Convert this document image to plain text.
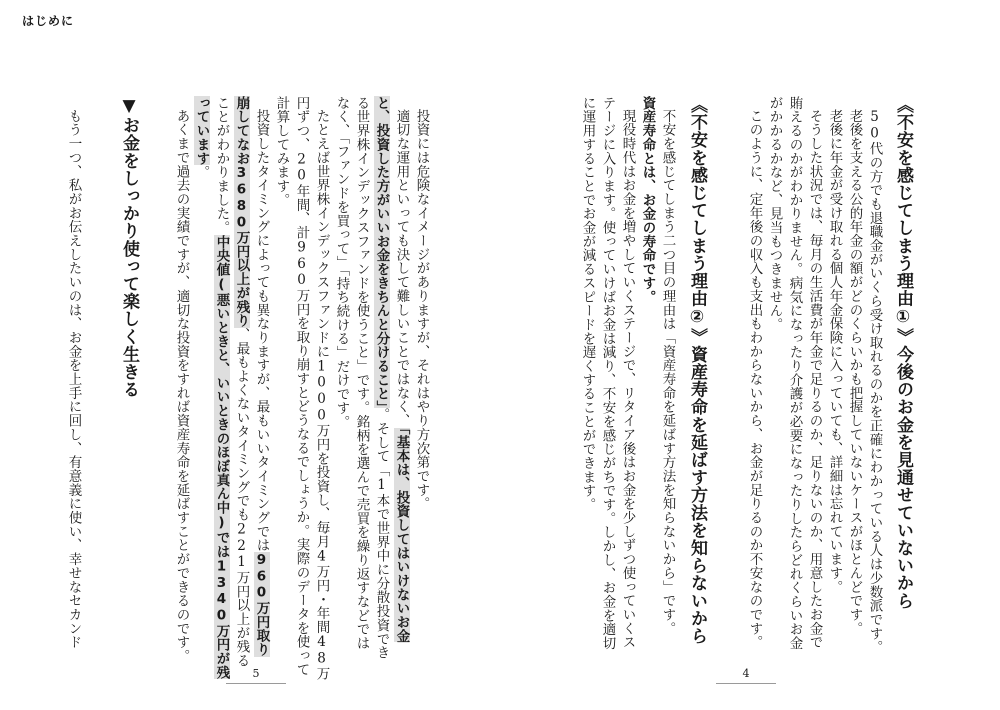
はじめに
《不安を感じてしまう理由①》今後のお金を見通せていないから
50代の方でも退職金がいくら受け取れるのかを正確にわかっている人は少数派です。
老後を支える公的年金の額がどのくらいかも把握していないケースがほとんどです。
老後に年金が受け取れる個人年金保険に入っていても、詳細は忘れています。
そうした状況では、毎月の生活費が年金で足りるのか、足りないのか、用意したお金で
賄えるのかがわかりません。病気になったり介護が必要になったりしたらどれくらいお金
がかかるかなど、見当もつきません。
このように、定年後の収入も支出もわからないから、お金が足りるのか不安なのです。
《不安を感じてしまう理由②》資産寿命を延ばす方法を知らないから
不安を感じてしまう二つ目の理由は「資産寿命を延ばす方法を知らないから」です。
資産寿命とは、お金の寿命です。
現役時代はお金を増やしていくステージで、リタイア後はお金を少しずつ使っていくス
テージに入ります。使っていけばお金は減り、不安を感じがちです。しかし、お金を適切
に運用することでお金が減るスピードを遅くすることができます。
4
投資には危険なイメージがありますが、それはやり方次第です。
適切な運用といっても決して難しいことではなく、「基本は、投資してはいけないお金
と、投資した方がいいお金をきちんと分けること」。そして「1本で世界中に分散投資でき
る世界株インデックスファンドを使うこと」です。銘柄を選んで売買を繰り返すなどでは
なく、「ファンドを買って」「持ち続ける」だけです。
たとえば世界株インデックスファンドに1000万円を投資し、毎月4万円・年間48万
円ずつ、20年間、計960万円を取り崩すとどうなるでしょうか。実際のデータを使って
計算してみます。
投資したタイミングによっても異なりますが、最もいいタイミングでは960万円取り
崩してなお3680万円以上が残り、最もよくないタイミングでも221万円以上が残る
ことがわかりました。中央値(悪いときと、いいときのほぼ真ん中)では1340万円が残
っています。
あくまで過去の実績ですが、適切な投資をすれば資産寿命を延ばすことができるのです。
▼お金をしっかり使って楽しく生きる
もう一つ、私がお伝えしたいのは、お金を上手に回し、有意義に使い、幸せなセカンド
5
